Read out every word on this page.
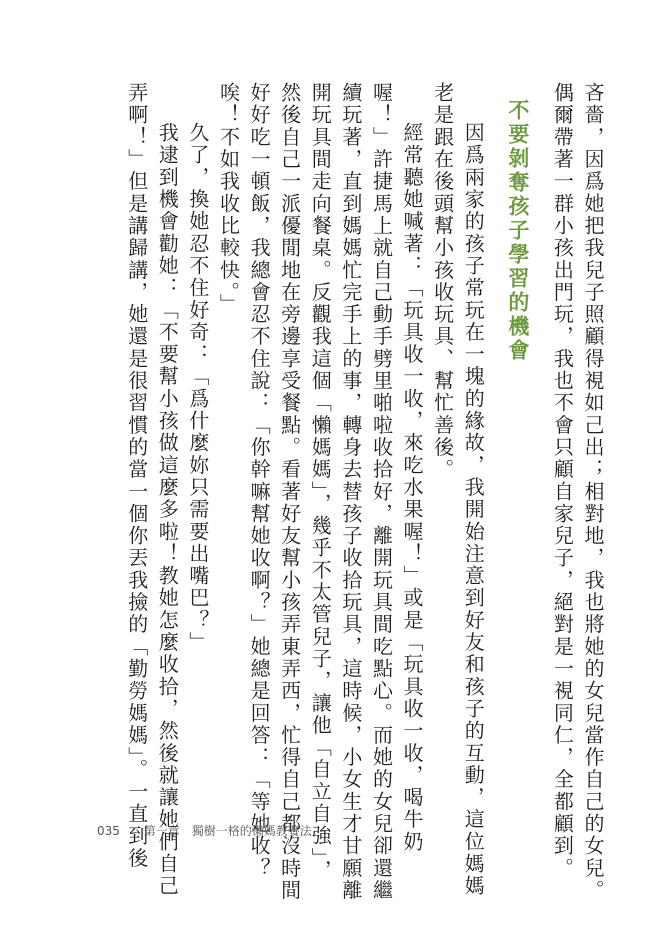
吝嗇，因爲她把我兒子照顧得視如己出；相對地，我也將她的女兒當作自己的女兒。
偶爾帶著一群小孩出門玩，我也不會只顧自家兒子，絕對是一視同仁，全都顧到。
不要剝奪孩子學習的機會
因爲兩家的孩子常玩在一塊的緣故，我開始注意到好友和孩子的互動，這位媽媽
老是跟在後頭幫小孩收玩具、幫忙善後。
經常聽她喊著：「玩具收一收，來吃水果喔！」或是「玩具收一收，喝牛奶
喔！」許捷馬上就自己動手劈里啪啦收拾好，離開玩具間吃點心。而她的女兒卻還繼
續玩著，直到媽媽忙完手上的事，轉身去替孩子收拾玩具，這時候，小女生才甘願離
開玩具間走向餐桌。反觀我這個「懶媽媽」，幾乎不太管兒子，讓他「自立自強」，
然後自己一派優閒地在旁邊享受餐點。看著好友幫小孩弄東弄西，忙得自己都沒時間
好好吃一頓飯，我總會忍不住說：「你幹嘛幫她收啊？」她總是回答：「等她收？
唉！不如我收比較快。」
久了，換她忍不住好奇：「爲什麼妳只需要出嘴巴？」
我逮到機會勸她：「不要幫小孩做這麼多啦！教她怎麼收拾，然後就讓她們自己
弄啊！」但是講歸講，她還是很習慣的當一個你丟我撿的「勤勞媽媽」。一直到後
035 第一章　獨樹一格的懶媽教養法
